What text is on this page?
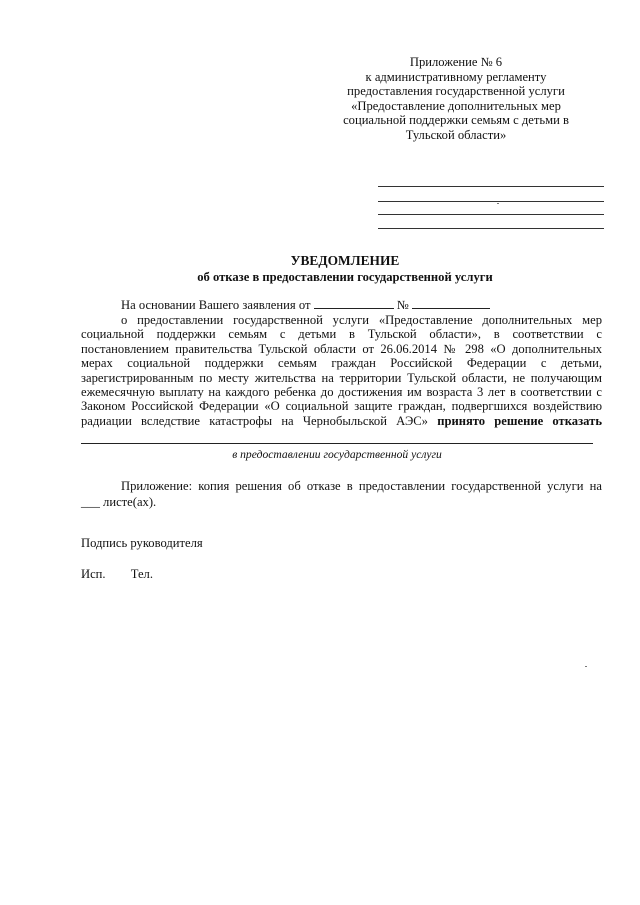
Приложение № 6
к административному регламенту
предоставления государственной услуги
«Предоставление дополнительных мер
социальной поддержки семьям с детьми в
Тульской области»
УВЕДОМЛЕНИЕ
об отказе в предоставлении государственной услуги
На основании Вашего заявления от	№
о предоставлении государственной услуги «Предоставление дополнительных мер
социальной поддержки семьям с детьми в Тульской области», в соответствии с
постановлением правительства Тульской области от 26.06.2014 № 298 «О дополнительных
мерах социальной поддержки семьям граждан Российской Федерации с детьми,
зарегистрированным по месту жительства на территории Тульской области, не получающим
ежемесячную выплату на каждого ребенка до достижения им возраста 3 лет в соответствии с
Законом Российской Федерации «О социальной защите граждан, подвергшихся воздействию
радиации вследствие катастрофы на Чернобыльской АЭС» принято решение отказать
в предоставлении государственной услуги
Приложение: копия решения об отказе в предоставлении государственной услуги на
___ листе(ах).
Подпись руководителя
Исп. Тел.
